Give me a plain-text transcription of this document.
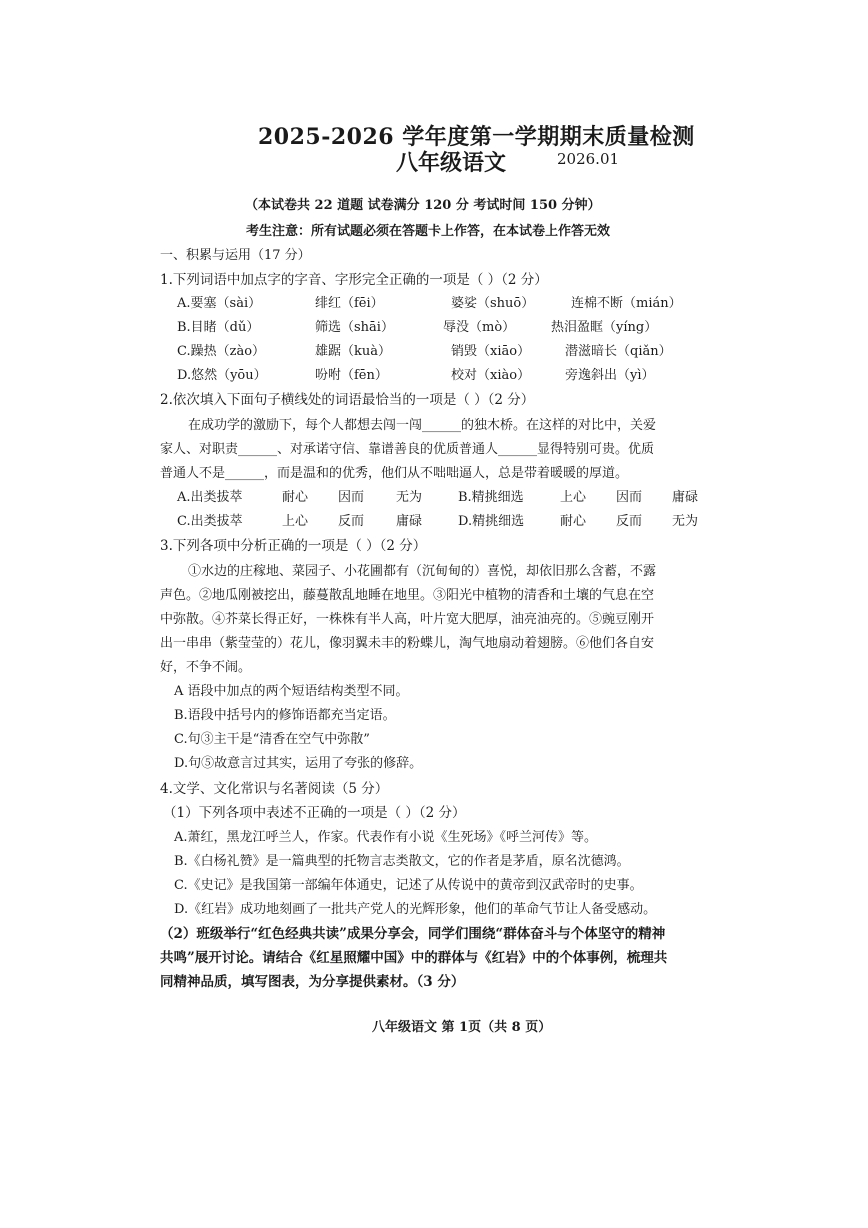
2025-2026 学年度第一学期期末质量检测
八年级语文	2026.01
（本试卷共 22 道题 试卷满分 120 分 考试时间 150 分钟）
考生注意：所有试题必须在答题卡上作答，在本试卷上作答无效
一、积累与运用（17 分）
1.下列词语中加点字的字音、字形完全正确的一项是（ ）（2 分）
A.要塞（sài）	绯红（fēi）	婆娑（shuō）	连棉不断（mián）
B.目睹（dǔ）	筛选（shāi）	辱没（mò）	热泪盈眶（yíng）
C.躁热（zào）	雄踞（kuà）	销毁（xiāo）	潜滋暗长（qiǎn）
D.悠然（yōu）	吩咐（fēn）	校对（xiào）	旁逸斜出（yì）
2.依次填入下面句子横线处的词语最恰当的一项是（ ）（2 分）
在成功学的激励下，每个人都想去闯一闯______的独木桥。在这样的对比中，关爱
家人、对职责______、对承诺守信、靠谱善良的优质普通人______显得特别可贵。优质
普通人不是______，而是温和的优秀，他们从不咄咄逼人，总是带着暖暖的厚道。
A.出类拔萃	耐心 因而 无为	B.精挑细选	上心 因而 庸碌
C.出类拔萃	上心 反而 庸碌	D.精挑细选	耐心 反而 无为
3.下列各项中分析正确的一项是（ ）（2 分）
①水边的庄稼地、菜园子、小花圃都有（沉甸甸的）喜悦，却依旧那么含蓄，不露
声色。②地瓜刚被挖出，藤蔓散乱地睡在地里。③阳光中植物的清香和土壤的气息在空
中弥散。④芥菜长得正好，一株株有半人高，叶片宽大肥厚，油亮油亮的。⑤豌豆刚开
出一串串（紫莹莹的）花儿，像羽翼未丰的粉蝶儿，淘气地扇动着翅膀。⑥他们各自安
好，不争不闹。
A 语段中加点的两个短语结构类型不同。
B.语段中括号内的修饰语都充当定语。
C.句③主干是“清香在空气中弥散”
D.句⑤故意言过其实，运用了夸张的修辞。
4.文学、文化常识与名著阅读（5 分）
（1）下列各项中表述不正确的一项是（ ）（2 分）
A.萧红，黑龙江呼兰人，作家。代表作有小说《生死场》《呼兰河传》等。
B.《白杨礼赞》是一篇典型的托物言志类散文，它的作者是茅盾，原名沈德鸿。
C.《史记》是我国第一部编年体通史，记述了从传说中的黄帝到汉武帝时的史事。
D.《红岩》成功地刻画了一批共产党人的光辉形象，他们的革命气节让人备受感动。
（2）班级举行“红色经典共读”成果分享会，同学们围绕“群体奋斗与个体坚守的精神
共鸣”展开讨论。请结合《红星照耀中国》中的群体与《红岩》中的个体事例，梳理共
同精神品质，填写图表，为分享提供素材。（3 分）
八年级语文 第 1页（共 8 页）
